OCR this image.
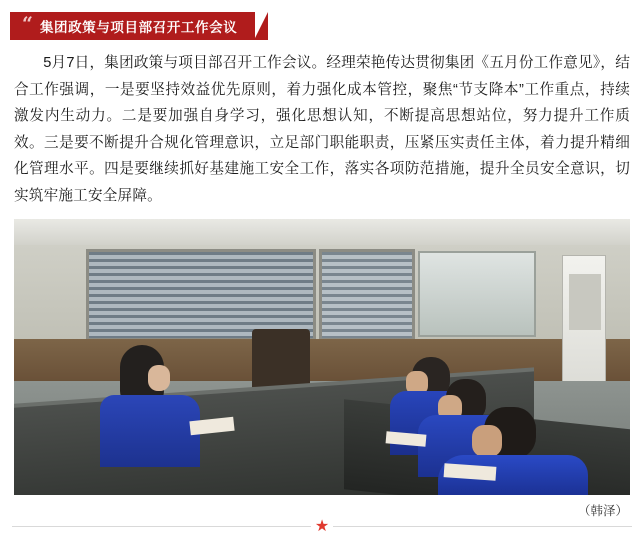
“ 集团政策与项目部召开工作会议

5月7日，集团政策与项目部召开工作会议。经理荣艳传达贯彻集团《五月份工作意见》，结合工作强调，一是要坚持效益优先原则，着力强化成本管控，聚焦“节支降本”工作重点，持续激发内生动力。二是要加强自身学习，强化思想认知，不断提高思想站位，努力提升工作质效。三是要不断提升合规化管理意识，立足部门职能职责，压紧压实责任主体，着力提升精细化管理水平。四是要继续抓好基建施工安全工作，落实各项防范措施，提升全员安全意识，切实筑牢施工安全屏障。

（韩泽）
★
